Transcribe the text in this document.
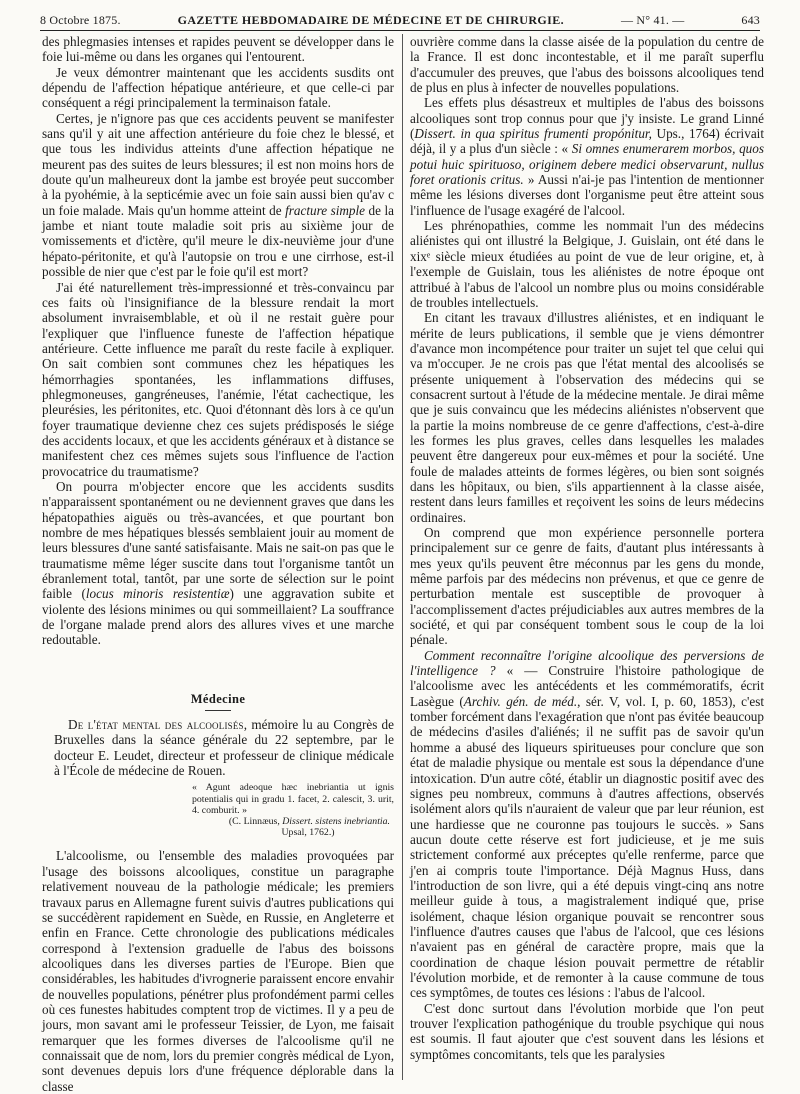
8 Octobre 1875.	GAZETTE HEBDOMADAIRE DE MÉDECINE ET DE CHIRURGIE.	— N° 41. —	643

des phlegmasies intenses et rapides peuvent se développer dans le foie lui-même ou dans les organes qui l'entourent.

Je veux démontrer maintenant que les accidents susdits ont dépendu de l'affection hépatique antérieure, et que celle-ci par conséquent a régi principalement la terminaison fatale.

Certes, je n'ignore pas que ces accidents peuvent se manifester sans qu'il y ait une affection antérieure du foie chez le blessé, et que tous les individus atteints d'une affection hépatique ne meurent pas des suites de leurs blessures; il est non moins hors de doute qu'un malheureux dont la jambe est broyée peut succomber à la pyohémie, à la septicémie avec un foie sain aussi bien qu'av c un foie malade. Mais qu'un homme atteint de fracture simple de la jambe et niant toute maladie soit pris au sixième jour de vomissements et d'ictère, qu'il meure le dix-neuvième jour d'une hépato-péritonite, et qu'à l'autopsie on trou e une cirrhose, est-il possible de nier que c'est par le foie qu'il est mort?

J'ai été naturellement très-impressionné et très-convaincu par ces faits où l'insignifiance de la blessure rendait la mort absolument invraisemblable, et où il ne restait guère pour l'expliquer que l'influence funeste de l'affection hépatique antérieure. Cette influence me paraît du reste facile à expliquer. On sait combien sont communes chez les hépatiques les hémorrhagies spontanées, les inflammations diffuses, phlegmoneuses, gangréneuses, l'anémie, l'état cachectique, les pleurésies, les péritonites, etc. Quoi d'étonnant dès lors à ce qu'un foyer traumatique devienne chez ces sujets prédisposés le siége des accidents locaux, et que les accidents généraux et à distance se manifestent chez ces mêmes sujets sous l'influence de l'action provocatrice du traumatisme?

On pourra m'objecter encore que les accidents susdits n'apparaissent spontanément ou ne deviennent graves que dans les hépatopathies aiguës ou très-avancées, et que pourtant bon nombre de mes hépatiques blessés semblaient jouir au moment de leurs blessures d'une santé satisfaisante. Mais ne sait-on pas que le traumatisme même léger suscite dans tout l'organisme tantôt un ébranlement total, tantôt, par une sorte de sélection sur le point faible (locus minoris resistentiæ) une aggravation subite et violente des lésions minimes ou qui sommeillaient? La souffrance de l'organe malade prend alors des allures vives et une marche redoutable.

Médecine

De l'état mental des alcoolisés, mémoire lu au Congrès de Bruxelles dans la séance générale du 22 septembre, par le docteur E. Leudet, directeur et professeur de clinique médicale à l'École de médecine de Rouen.

« Agunt adeoque hæc inebriantia ut ignis potentialis qui in gradu 1. facet, 2. calescit, 3. urit, 4. comburit. »
(C. Linnæus, Dissert. sistens inebriantia.
Upsal, 1762.)

L'alcoolisme, ou l'ensemble des maladies provoquées par l'usage des boissons alcooliques, constitue un paragraphe relativement nouveau de la pathologie médicale; les premiers travaux parus en Allemagne furent suivis d'autres publications qui se succédèrent rapidement en Suède, en Russie, en Angleterre et enfin en France. Cette chronologie des publications médicales correspond à l'extension graduelle de l'abus des boissons alcooliques dans les diverses parties de l'Europe. Bien que considérables, les habitudes d'ivrognerie paraissent encore envahir de nouvelles populations, pénétrer plus profondément parmi celles où ces funestes habitudes comptent trop de victimes. Il y a peu de jours, mon savant ami le professeur Teissier, de Lyon, me faisait remarquer que les formes diverses de l'alcoolisme qu'il ne connaissait que de nom, lors du premier congrès médical de Lyon, sont devenues depuis lors d'une fréquence déplorable dans la classe

ouvrière comme dans la classe aisée de la population du centre de la France. Il est donc incontestable, et il me paraît superflu d'accumuler des preuves, que l'abus des boissons alcooliques tend de plus en plus à infecter de nouvelles populations.

Les effets plus désastreux et multiples de l'abus des boissons alcooliques sont trop connus pour que j'y insiste. Le grand Linné (Dissert. in qua spiritus frumenti propónitur, Ups., 1764) écrivait déjà, il y a plus d'un siècle : « Si omnes enumerarem morbos, quos potui huic spirituoso, originem debere medici observarunt, nullus foret orationis critus. » Aussi n'ai-je pas l'intention de mentionner même les lésions diverses dont l'organisme peut être atteint sous l'influence de l'usage exagéré de l'alcool.

Les phrénopathies, comme les nommait l'un des médecins aliénistes qui ont illustré la Belgique, J. Guislain, ont été dans le xixᵉ siècle mieux étudiées au point de vue de leur origine, et, à l'exemple de Guislain, tous les aliénistes de notre époque ont attribué à l'abus de l'alcool un nombre plus ou moins considérable de troubles intellectuels.

En citant les travaux d'illustres aliénistes, et en indiquant le mérite de leurs publications, il semble que je viens démontrer d'avance mon incompétence pour traiter un sujet tel que celui qui va m'occuper. Je ne crois pas que l'état mental des alcoolisés se présente uniquement à l'observation des médecins qui se consacrent surtout à l'étude de la médecine mentale. Je dirai même que je suis convaincu que les médecins aliénistes n'observent que la partie la moins nombreuse de ce genre d'affections, c'est-à-dire les formes les plus graves, celles dans lesquelles les malades peuvent être dangereux pour eux-mêmes et pour la société. Une foule de malades atteints de formes légères, ou bien sont soignés dans les hôpitaux, ou bien, s'ils appartiennent à la classe aisée, restent dans leurs familles et reçoivent les soins de leurs médecins ordinaires.

On comprend que mon expérience personnelle portera principalement sur ce genre de faits, d'autant plus intéressants à mes yeux qu'ils peuvent être méconnus par les gens du monde, même parfois par des médecins non prévenus, et que ce genre de perturbation mentale est susceptible de provoquer à l'accomplissement d'actes préjudiciables aux autres membres de la société, et qui par conséquent tombent sous le coup de la loi pénale.

Comment reconnaître l'origine alcoolique des perversions de l'intelligence ? « — Construire l'histoire pathologique de l'alcoolisme avec les antécédents et les commémoratifs, écrit Lasègue (Archiv. gén. de méd., sér. V, vol. I, p. 60, 1853), c'est tomber forcément dans l'exagération que n'ont pas évitée beaucoup de médecins d'asiles d'aliénés; il ne suffit pas de savoir qu'un homme a abusé des liqueurs spiritueuses pour conclure que son état de maladie physique ou mentale est sous la dépendance d'une intoxication. D'un autre côté, établir un diagnostic positif avec des signes peu nombreux, communs à d'autres affections, observés isolément alors qu'ils n'auraient de valeur que par leur réunion, est une hardiesse que ne couronne pas toujours le succès. » Sans aucun doute cette réserve est fort judicieuse, et je me suis strictement conformé aux préceptes qu'elle renferme, parce que j'en ai compris toute l'importance. Déjà Magnus Huss, dans l'introduction de son livre, qui a été depuis vingt-cinq ans notre meilleur guide à tous, a magistralement indiqué que, prise isolément, chaque lésion organique pouvait se rencontrer sous l'influence d'autres causes que l'abus de l'alcool, que ces lésions n'avaient pas en général de caractère propre, mais que la coordination de chaque lésion pouvait permettre de rétablir l'évolution morbide, et de remonter à la cause commune de tous ces symptômes, de toutes ces lésions : l'abus de l'alcool.

C'est donc surtout dans l'évolution morbide que l'on peut trouver l'explication pathogénique du trouble psychique qui nous est soumis. Il faut ajouter que c'est souvent dans les lésions et symptômes concomitants, tels que les paralysies
